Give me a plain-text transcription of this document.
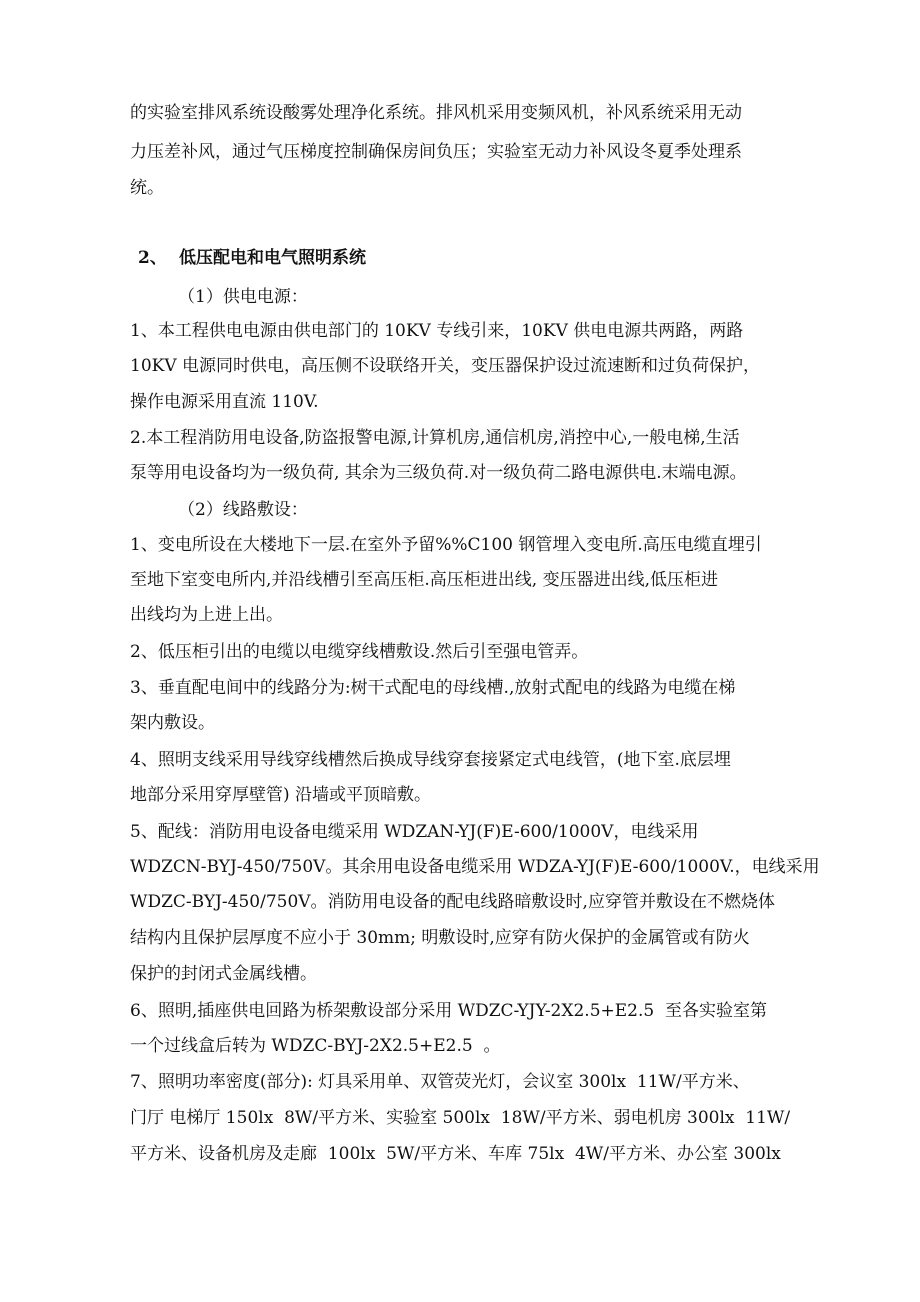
的实验室排风系统设酸雾处理净化系统。排风机采用变频风机，补风系统采用无动
力压差补风，通过气压梯度控制确保房间负压；实验室无动力补风设冬夏季处理系
统。
2、 低压配电和电气照明系统
（1）供电电源：
1、本工程供电电源由供电部门的 10KV 专线引来，10KV 供电电源共两路，两路
10KV 电源同时供电，高压侧不设联络开关，变压器保护设过流速断和过负荷保护，
操作电源采用直流 110V.
2.本工程消防用电设备,防盗报警电源,计算机房,通信机房,消控中心,一般电梯,生活
泵等用电设备均为一级负荷, 其余为三级负荷.对一级负荷二路电源供电.末端电源。
（2）线路敷设：
1、变电所设在大楼地下一层.在室外予留%%C100 钢管埋入变电所.高压电缆直埋引
至地下室变电所内,并沿线槽引至高压柜.高压柜进出线, 变压器进出线,低压柜进
出线均为上进上出。
2、低压柜引出的电缆以电缆穿线槽敷设.然后引至强电管弄。
3、垂直配电间中的线路分为:树干式配电的母线槽.,放射式配电的线路为电缆在梯
架内敷设。
4、照明支线采用导线穿线槽然后换成导线穿套接紧定式电线管，(地下室.底层埋
地部分采用穿厚壁管) 沿墙或平顶暗敷。
5、配线：消防用电设备电缆采用 WDZAN-YJ(F)E-600/1000V，电线采用
WDZCN-BYJ-450/750V。其余用电设备电缆采用 WDZA-YJ(F)E-600/1000V.，电线采用
WDZC-BYJ-450/750V。消防用电设备的配电线路暗敷设时,应穿管并敷设在不燃烧体
结构内且保护层厚度不应小于 30mm; 明敷设时,应穿有防火保护的金属管或有防火
保护的封闭式金属线槽。
6、照明,插座供电回路为桥架敷设部分采用 WDZC-YJY-2X2.5+E2.5  至各实验室第
一个过线盒后转为 WDZC-BYJ-2X2.5+E2.5  。
7、照明功率密度(部分): 灯具采用单、双管荧光灯，会议室 300lx  11W/平方米、
门厅 电梯厅 150lx  8W/平方米、实验室 500lx  18W/平方米、弱电机房 300lx  11W/
平方米、设备机房及走廊  100lx  5W/平方米、车库 75lx  4W/平方米、办公室 300lx
